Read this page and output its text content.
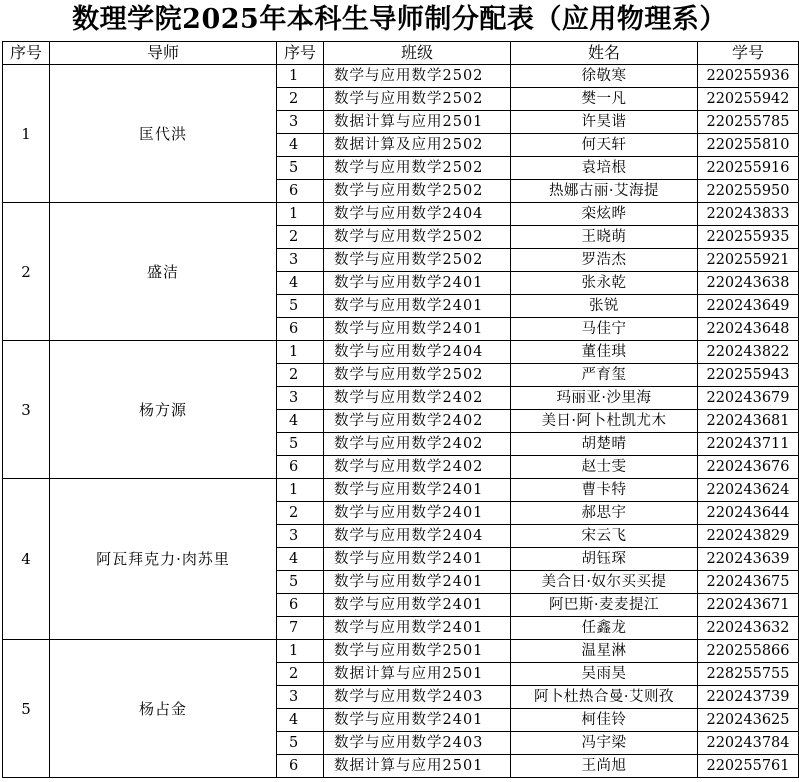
数理学院2025年本科生导师制分配表（应用物理系）
序号	导师	序号	班级	姓名	学号
1	匡代洪	1	数学与应用数学2502	徐敬寒	220255936
		2	数学与应用数学2502	樊一凡	220255942
		3	数据计算与应用2501	许昊谐	220255785
		4	数据计算及应用2502	何天轩	220255810
		5	数学与应用数学2502	袁培根	220255916
		6	数学与应用数学2502	热娜古丽·艾海提	220255950
2	盛洁	1	数学与应用数学2404	栾炫晔	220243833
		2	数学与应用数学2502	王晓萌	220255935
		3	数学与应用数学2502	罗浩杰	220255921
		4	数学与应用数学2401	张永乾	220243638
		5	数学与应用数学2401	张锐	220243649
		6	数学与应用数学2401	马佳宁	220243648
3	杨方源	1	数学与应用数学2404	董佳琪	220243822
		2	数学与应用数学2502	严育玺	220255943
		3	数学与应用数学2402	玛丽亚·沙里海	220243679
		4	数学与应用数学2402	美日·阿卜杜凯尤木	220243681
		5	数学与应用数学2402	胡楚晴	220243711
		6	数学与应用数学2402	赵士雯	220243676
4	阿瓦拜克力·肉苏里	1	数学与应用数学2401	曹卡特	220243624
		2	数学与应用数学2401	郝思宇	220243644
		3	数学与应用数学2404	宋云飞	220243829
		4	数学与应用数学2401	胡钰琛	220243639
		5	数学与应用数学2401	美合日·奴尔买买提	220243675
		6	数学与应用数学2401	阿巴斯·麦麦提江	220243671
		7	数学与应用数学2401	任鑫龙	220243632
5	杨占金	1	数学与应用数学2501	温星淋	220255866
		2	数据计算与应用2501	吴雨昊	228255755
		3	数学与应用数学2403	阿卜杜热合曼·艾则孜	220243739
		4	数学与应用数学2401	柯佳铃	220243625
		5	数学与应用数学2403	冯宇梁	220243784
		6	数据计算与应用2501	王尚旭	220255761
